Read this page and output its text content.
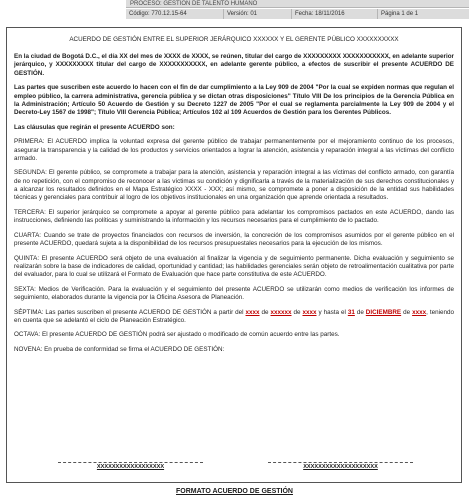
PROCESO: GESTIÓN DE TALENTO HUMANO
Código: 770.12.15-64	Versión: 01	Fecha: 18/11/2016	Página 1 de 1

ACUERDO DE GESTIÓN ENTRE EL SUPERIOR JERÁRQUICO XXXXXX Y EL GERENTE PÚBLICO XXXXXXXXXX

En la ciudad de Bogotá D.C., el día XX del mes de XXXX de XXXX, se reúnen, titular del cargo de XXXXXXXXX XXXXXXXXXXX, en adelante superior jerárquico, y XXXXXXXXX titular del cargo de XXXXXXXXXXX, en adelante gerente público, a efectos de suscribir el presente ACUERDO DE GESTIÓN.

Las partes que suscriben este acuerdo lo hacen con el fin de dar cumplimiento a la Ley 909 de 2004 "Por la cual se expiden normas que regulan el empleo público, la carrera administrativa, gerencia pública y se dictan otras disposiciones" Título VIII De los principios de la Gerencia Pública en la Administración; Artículo 50 Acuerdo de Gestión y su Decreto 1227 de 2005 "Por el cual se reglamenta parcialmente la Ley 909 de 2004 y el Decreto-Ley 1567 de 1998"; Título VIII Gerencia Pública; Artículos 102 al 109 Acuerdos de Gestión para los Gerentes Públicos.

Las cláusulas que regirán el presente ACUERDO son:

PRIMERA: El ACUERDO implica la voluntad expresa del gerente público de trabajar permanentemente por el mejoramiento continuo de los procesos, asegurar la transparencia y la calidad de los productos y servicios orientados a lograr la atención, asistencia y reparación integral a las víctimas del conflicto armado.

SEGUNDA: El gerente público, se compromete a trabajar para la atención, asistencia y reparación integral a las víctimas del conflicto armado, con garantía de no repetición, con el compromiso de reconocer a las víctimas su condición y dignificarla a través de la materialización de sus derechos constitucionales y a alcanzar los resultados definidos en el Mapa Estratégico XXXX - XXX; así mismo, se compromete a poner a disposición de la entidad sus habilidades técnicas y gerenciales para contribuir al logro de los objetivos institucionales en una organización que aprende orientada a resultados.

TERCERA: El superior jerárquico se compromete a apoyar al gerente público para adelantar los compromisos pactados en este ACUERDO, dando las instrucciones, definiendo las políticas y suministrando la información y los recursos necesarios para el cumplimiento de lo pactado.

CUARTA: Cuando se trate de proyectos financiados con recursos de inversión, la concreción de los compromisos asumidos por el gerente público en el presente ACUERDO, quedará sujeta a la disponibilidad de los recursos presupuestales necesarios para la ejecución de los mismos.

QUINTA: El presente ACUERDO será objeto de una evaluación al finalizar la vigencia y de seguimiento permanente. Dicha evaluación y seguimiento se realizarán sobre la base de indicadores de calidad, oportunidad y cantidad; las habilidades gerenciales serán objeto de retroalimentación cualitativa por parte del evaluador, para lo cual se utilizará el Formato de Evaluación que hace parte constitutiva de este ACUERDO.

SEXTA: Medios de Verificación. Para la evaluación y el seguimiento del presente ACUERDO se utilizarán como medios de verificación los informes de seguimiento, elaborados durante la vigencia por la Oficina Asesora de Planeación.

SÉPTIMA: Las partes suscriben el presente ACUERDO DE GESTIÓN a partir del xxxx de xxxxxx de xxxx y hasta el 31 de DICIEMBRE de xxxx, teniendo en cuenta que se adelantó el ciclo de Planeación Estratégico.

OCTAVA: El presente ACUERDO DE GESTIÓN podrá ser ajustado o modificado de común acuerdo entre las partes.

NOVENA: En prueba de conformidad se firma el ACUERDO DE GESTIÓN:

XXXXXXXXXXXXXXXXXX	XXXXXXXXXXXXXXXXXXXX
FORMATO ACUERDO DE GESTIÓN
